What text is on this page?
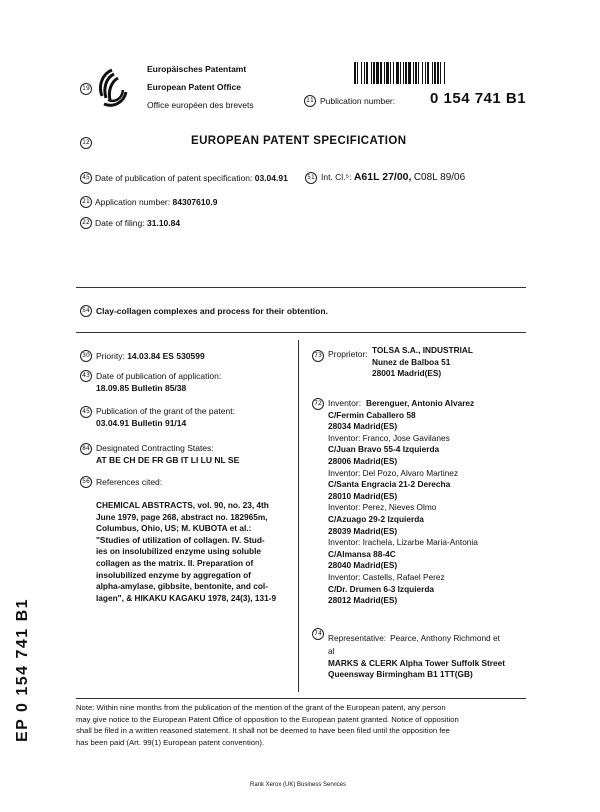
19
Europäisches Patentamt
European Patent Office
Office européen des brevets	11 Publication number: 0 154 741 B1
12	EUROPEAN PATENT SPECIFICATION
45 Date of publication of patent specification: 03.04.91	51 Int. Cl.⁵: A61L 27/00, C08L 89/06
21 Application number: 84307610.9
22 Date of filing: 31.10.84
54 Clay-collagen complexes and process for their obtention.
30 Priority: 14.03.84 ES 530599
43 Date of publication of application:
18.09.85 Bulletin 85/38
45 Publication of the grant of the patent:
03.04.91 Bulletin 91/14
84 Designated Contracting States:
AT BE CH DE FR GB IT LI LU NL SE
56 References cited:
CHEMICAL ABSTRACTS, vol. 90, no. 23, 4th
June 1979, page 268, abstract no. 182965m,
Columbus, Ohio, US; M. KUBOTA et al.:
"Studies of utilization of collagen. IV. Stud-
ies on insolubilized enzyme using soluble
collagen as the matrix. II. Preparation of
insolubilized enzyme by aggregation of
alpha-amylase, gibbsite, bentonite, and col-
lagen", & HIKAKU KAGAKU 1978, 24(3), 131-9
73 Proprietor: TOLSA S.A., INDUSTRIAL
Nunez de Balboa 51
28001 Madrid(ES)
72 Inventor: Berenguer, Antonio Alvarez
C/Fermin Caballero 58
28034 Madrid(ES)
Inventor: Franco, Jose Gavilanes
C/Juan Bravo 55-4 Izquierda
28006 Madrid(ES)
Inventor: Del Pozo, Alvaro Martinez
C/Santa Engracia 21-2 Derecha
28010 Madrid(ES)
Inventor: Perez, Nieves Olmo
C/Azuago 29-2 Izquierda
28039 Madrid(ES)
Inventor: Irachela, Lizarbe Maria-Antonia
C/Almansa 88-4C
28040 Madrid(ES)
Inventor: Castells, Rafael Perez
C/Dr. Drumen 6-3 Izquierda
28012 Madrid(ES)
74 Representative: Pearce, Anthony Richmond et

al
MARKS & CLERK Alpha Tower Suffolk Street
Queensway Birmingham B1 1TT(GB)
EP 0 154 741 B1	Note: Within nine months from the publication of the mention of the grant of the European patent, any person
may give notice to the European Patent Office of opposition to the European patent granted. Notice of opposition
shall be filed in a written reasoned statement. It shall not be deemed to have been filed until the opposition fee
has been paid (Art. 99(1) European patent convention).
Rank Xerox (UK) Business Services
